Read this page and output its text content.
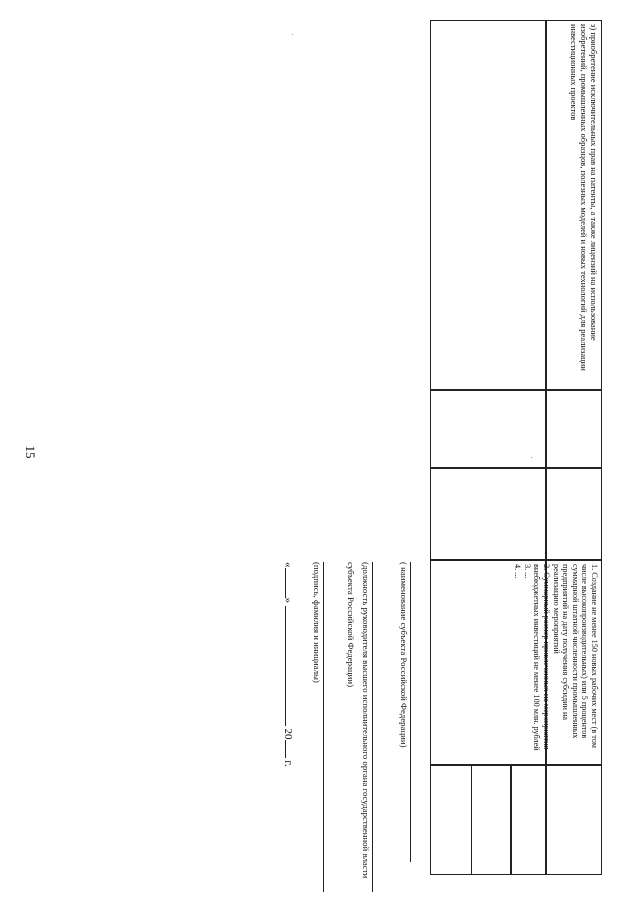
15
з) приобретение исключительных прав на патенты, а также лицензий на использование изобретений, промышленных образцов, полезных моделей и новых технологий для реализации инвестиционных проектов
1. Создание не менее 150 новых рабочих мест (в том числе высокопроизводительных) или 5 процентов суммарной штатной численности промышленных предприятий на дату получения субсидии на реализацию мероприятий
2. Суммарный размер привлеченных на мероприятия внебюджетных инвестиций не менее 100 млн. рублей
3. ...
4. ...
( наименование субъекта Российской Федерации)
(должность руководителя высшего исполнительного органа государственной власти
субъекта Российской Федерации)
(подпись, фамилия и инициалы)
«»  20 г.
